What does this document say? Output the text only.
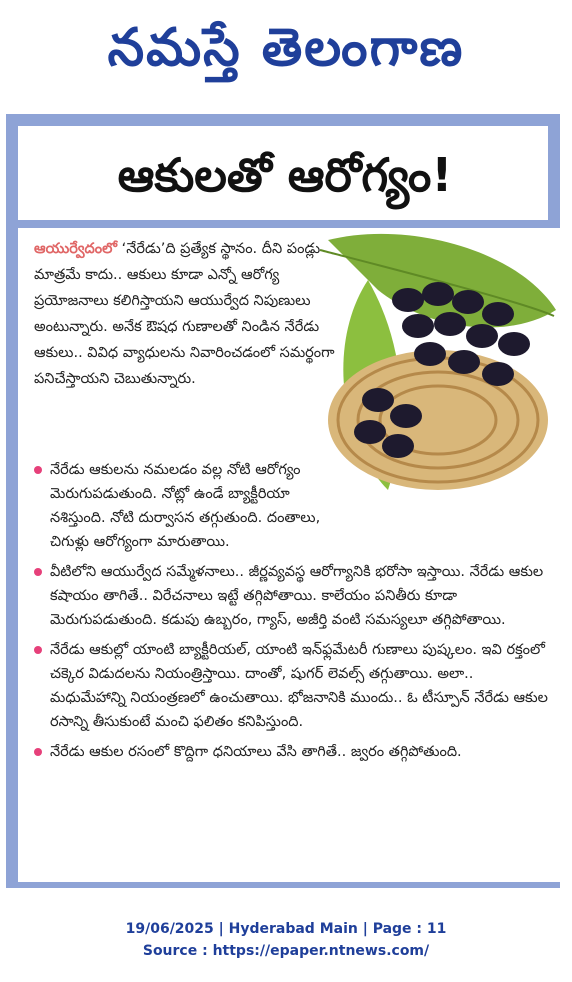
నమస్తే తెలంగాణ
ఆకులతో ఆరోగ్యం!
ఆయుర్వేదంలో ‘నేరేడు’ది ప్రత్యేక స్థానం. దీని పండ్లు మాత్రమే కాదు.. ఆకులు కూడా ఎన్నో ఆరోగ్య ప్రయోజనాలు కలిగిస్తాయని ఆయుర్వేద నిపుణులు అంటున్నారు. అనేక ఔషధ గుణాలతో నిండిన నేరేడు ఆకులు.. వివిధ వ్యాధులను నివారించడంలో సమర్థంగా పనిచేస్తాయని చెబుతున్నారు.
నేరేడు ఆకులను నమలడం వల్ల నోటి ఆరోగ్యం మెరుగుపడుతుంది. నోట్లో ఉండే బ్యాక్టీరియా నశిస్తుంది. నోటి దుర్వాసన తగ్గుతుంది. దంతాలు, చిగుళ్లు ఆరోగ్యంగా మారుతాయి.
వీటిలోని ఆయుర్వేద సమ్మేళనాలు.. జీర్ణవ్యవస్థ ఆరోగ్యానికి భరోసా ఇస్తాయి. నేరేడు ఆకుల కషాయం తాగితే.. విరేచనాలు ఇట్టే తగ్గిపోతాయి. కాలేయం పనితీరు కూడా మెరుగుపడుతుంది. కడుపు ఉబ్బరం, గ్యాస్, అజీర్తి వంటి సమస్యలూ తగ్గిపోతాయి.
నేరేడు ఆకుల్లో యాంటి బ్యాక్టీరియల్, యాంటి ఇన్‌ఫ్లమేటరీ గుణాలు పుష్కలం. ఇవి రక్తంలో చక్కెర విడుదలను నియంత్రిస్తాయి. దాంతో, షుగర్ లెవల్స్ తగ్గుతాయి. అలా.. మధుమేహాన్ని నియంత్రణలో ఉంచుతాయి. భోజనానికి ముందు.. ఓ టీస్పూన్ నేరేడు ఆకుల రసాన్ని తీసుకుంటే మంచి ఫలితం కనిపిస్తుంది.
నేరేడు ఆకుల రసంలో కొద్దిగా ధనియాలు వేసి తాగితే.. జ్వరం తగ్గిపోతుంది.
19/06/2025 | Hyderabad Main | Page : 11
Source : https://epaper.ntnews.com/
